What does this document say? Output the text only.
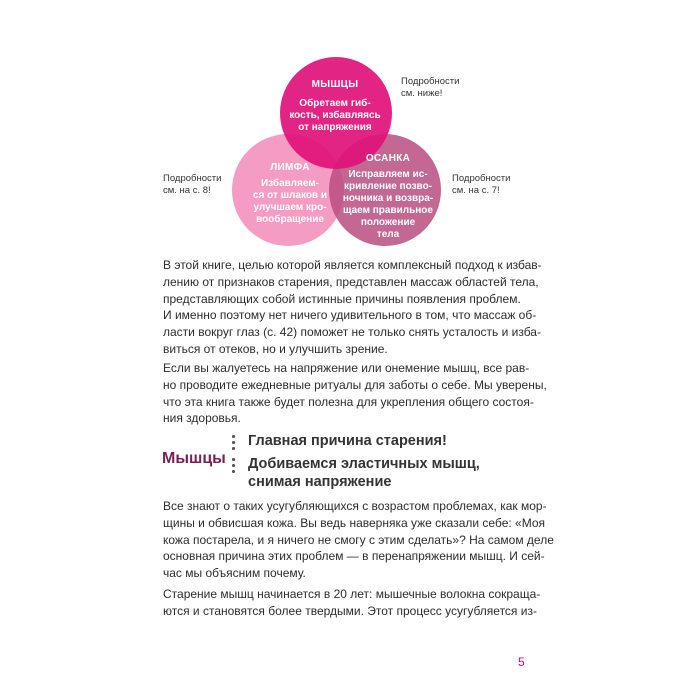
МЫШЦЫ
Обретаем гиб-
кость, избавляясь
от напряжения
ЛИМФА
Избавляем-
ся от шлаков и
улучшаем кро-
вообращение
ОСАНКА
Исправляем ис-
кривление позво-
ночника и возвра-
щаем правильное
положение
тела
Подробности
см. ниже!
Подробности
см. на с. 8!
Подробности
см. на с. 7!
В этой книге, целью которой является комплексный подход к избав-
лению от признаков старения, представлен массаж областей тела,
представляющих собой истинные причины появления проблем.
И именно поэтому нет ничего удивительного в том, что массаж об-
ласти вокруг глаз (с. 42) поможет не только снять усталость и изба-
виться от отеков, но и улучшить зрение.
Если вы жалуетесь на напряжение или онемение мышц, все рав-
но проводите ежедневные ритуалы для заботы о себе. Мы уверены,
что эта книга также будет полезна для укрепления общего состоя-
ния здоровья.
Мышцы
Главная причина старения!
Добиваемся эластичных мышц,
снимая напряжение
Все знают о таких усугубляющихся с возрастом проблемах, как мор-
щины и обвисшая кожа. Вы ведь наверняка уже сказали себе: «Моя
кожа постарела, и я ничего не смогу с этим сделать»? На самом деле
основная причина этих проблем — в перенапряжении мышц. И сей-
час мы объясним почему.
Старение мышц начинается в 20 лет: мышечные волокна сокраща-
ются и становятся более твердыми. Этот процесс усугубляется из-
5
